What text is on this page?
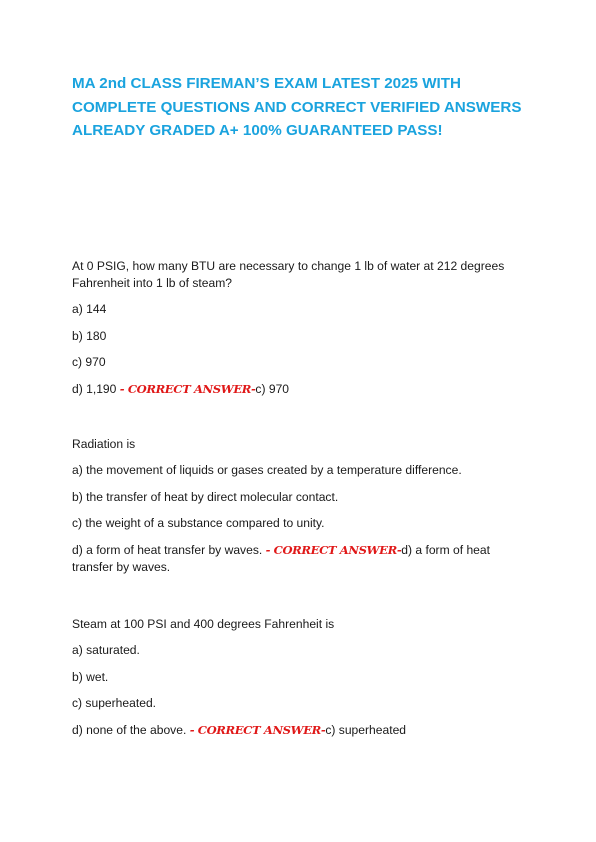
MA 2nd CLASS FIREMAN’S EXAM LATEST 2025 WITH
COMPLETE QUESTIONS AND CORRECT VERIFIED ANSWERS
ALREADY GRADED A+ 100% GUARANTEED PASS!

At 0 PSIG, how many BTU are necessary to change 1 lb of water at 212 degrees Fahrenheit into 1 lb of steam?

a) 144

b) 180

c) 970

d) 1,190 - CORRECT ANSWER-c) 970

Radiation is

a) the movement of liquids or gases created by a temperature difference.

b) the transfer of heat by direct molecular contact.

c) the weight of a substance compared to unity.

d) a form of heat transfer by waves. - CORRECT ANSWER-d) a form of heat transfer by waves.

Steam at 100 PSI and 400 degrees Fahrenheit is

a) saturated.

b) wet.

c) superheated.

d) none of the above. - CORRECT ANSWER-c) superheated
